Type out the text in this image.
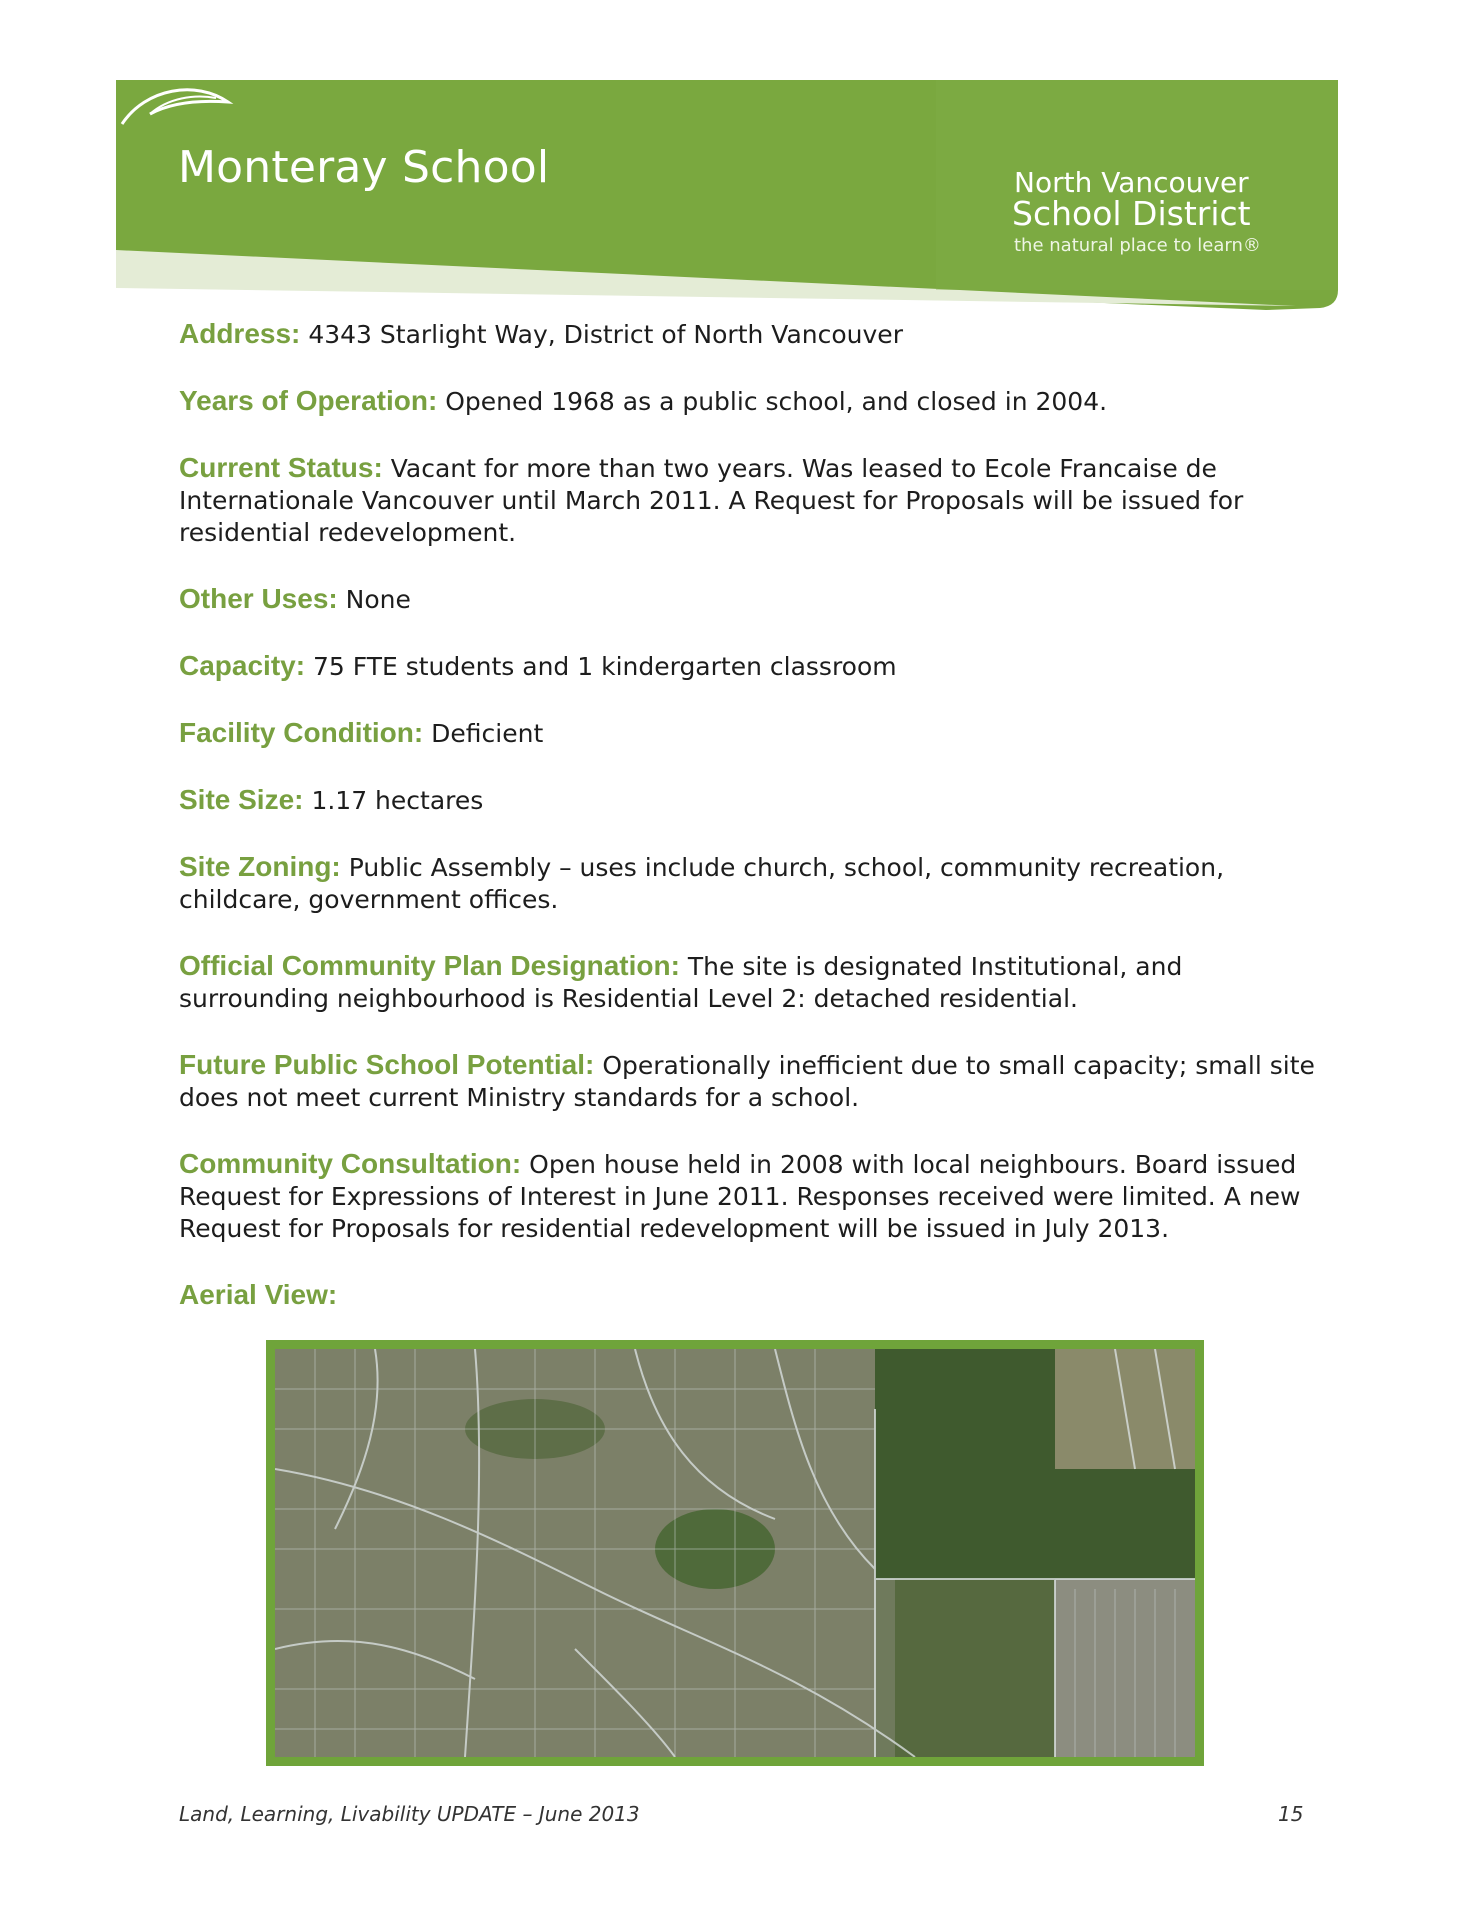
Monteray School	North Vancouver
School District
the natural place to learn®

Address: 4343 Starlight Way, District of North Vancouver

Years of Operation: Opened 1968 as a public school, and closed in 2004.

Current Status: Vacant for more than two years. Was leased to Ecole Francaise de Internationale Vancouver until March 2011. A Request for Proposals will be issued for residential redevelopment.

Other Uses: None

Capacity: 75 FTE students and 1 kindergarten classroom

Facility Condition: Deficient

Site Size: 1.17 hectares

Site Zoning: Public Assembly – uses include church, school, community recreation, childcare, government offices.

Official Community Plan Designation: The site is designated Institutional, and surrounding neighbourhood is Residential Level 2: detached residential.

Future Public School Potential: Operationally inefficient due to small capacity; small site does not meet current Ministry standards for a school.

Community Consultation: Open house held in 2008 with local neighbours. Board issued Request for Expressions of Interest in June 2011. Responses received were limited. A new Request for Proposals for residential redevelopment will be issued in July 2013.

Aerial View:
Land, Learning, Livability UPDATE – June 2013	15
